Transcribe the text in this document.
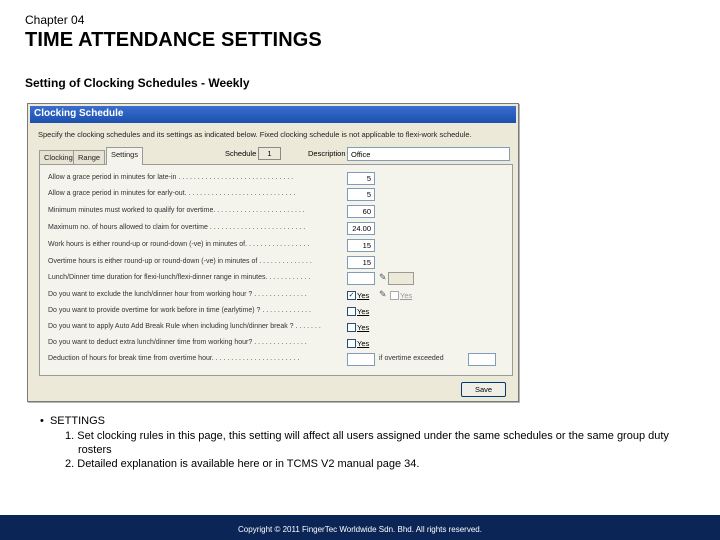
Chapter 04
TIME ATTENDANCE SETTINGS
Setting of Clocking Schedules - Weekly
Clocking Schedule
Specify the clocking schedules and its settings as indicated below. Fixed clocking schedule is not applicable to flexi-work schedule.
Clocking Range	Settings	Schedule	1	Description Office
Allow a grace period in minutes for late-in . . . . . . . . . . . . . . . . . . . . . . . . . . . . . .	5
Allow a grace period in minutes for early-out. . . . . . . . . . . . . . . . . . . . . . . . . . . . .	5
Minimum minutes must worked to qualify for overtime. . . . . . . . . . . . . . . . . . . . . . . .	60
Maximum no. of hours allowed to claim for overtime . . . . . . . . . . . . . . . . . . . . . . . . .	24.00
Work hours is either round-up or round-down (-ve) in minutes of. . . . . . . . . . . . . . . . .	15
Overtime hours is either round-up or round-down (-ve) in minutes of . . . . . . . . . . . . . .	15
Lunch/Dinner time duration for flexi-lunch/flexi-dinner range in minutes. . . . . . . . . . . .	✎
Do you want to exclude the lunch/dinner hour from working hour ? . . . . . . . . . . . . . .	✓ Yes ✎	Yes
Do you want to provide overtime for work before in time (earlytime) ? . . . . . . . . . . . . .	Yes
Do you want to apply Auto Add Break Rule when including lunch/dinner break ? . . . . . . .	Yes
Do you want to deduct extra lunch/dinner time from working hour? . . . . . . . . . . . . . .	Yes
Deduction of hours for break time from overtime hour. . . . . . . . . . . . . . . . . . . . . . .	if overtime exceeded
Save
•  SETTINGS
1. Set clocking rules in this page, this setting will affect all users assigned under the same schedules or the same group duty rosters
2. Detailed explanation is available here or in TCMS V2 manual page 34.
Copyright © 2011 FingerTec Worldwide Sdn. Bhd. All rights reserved.
